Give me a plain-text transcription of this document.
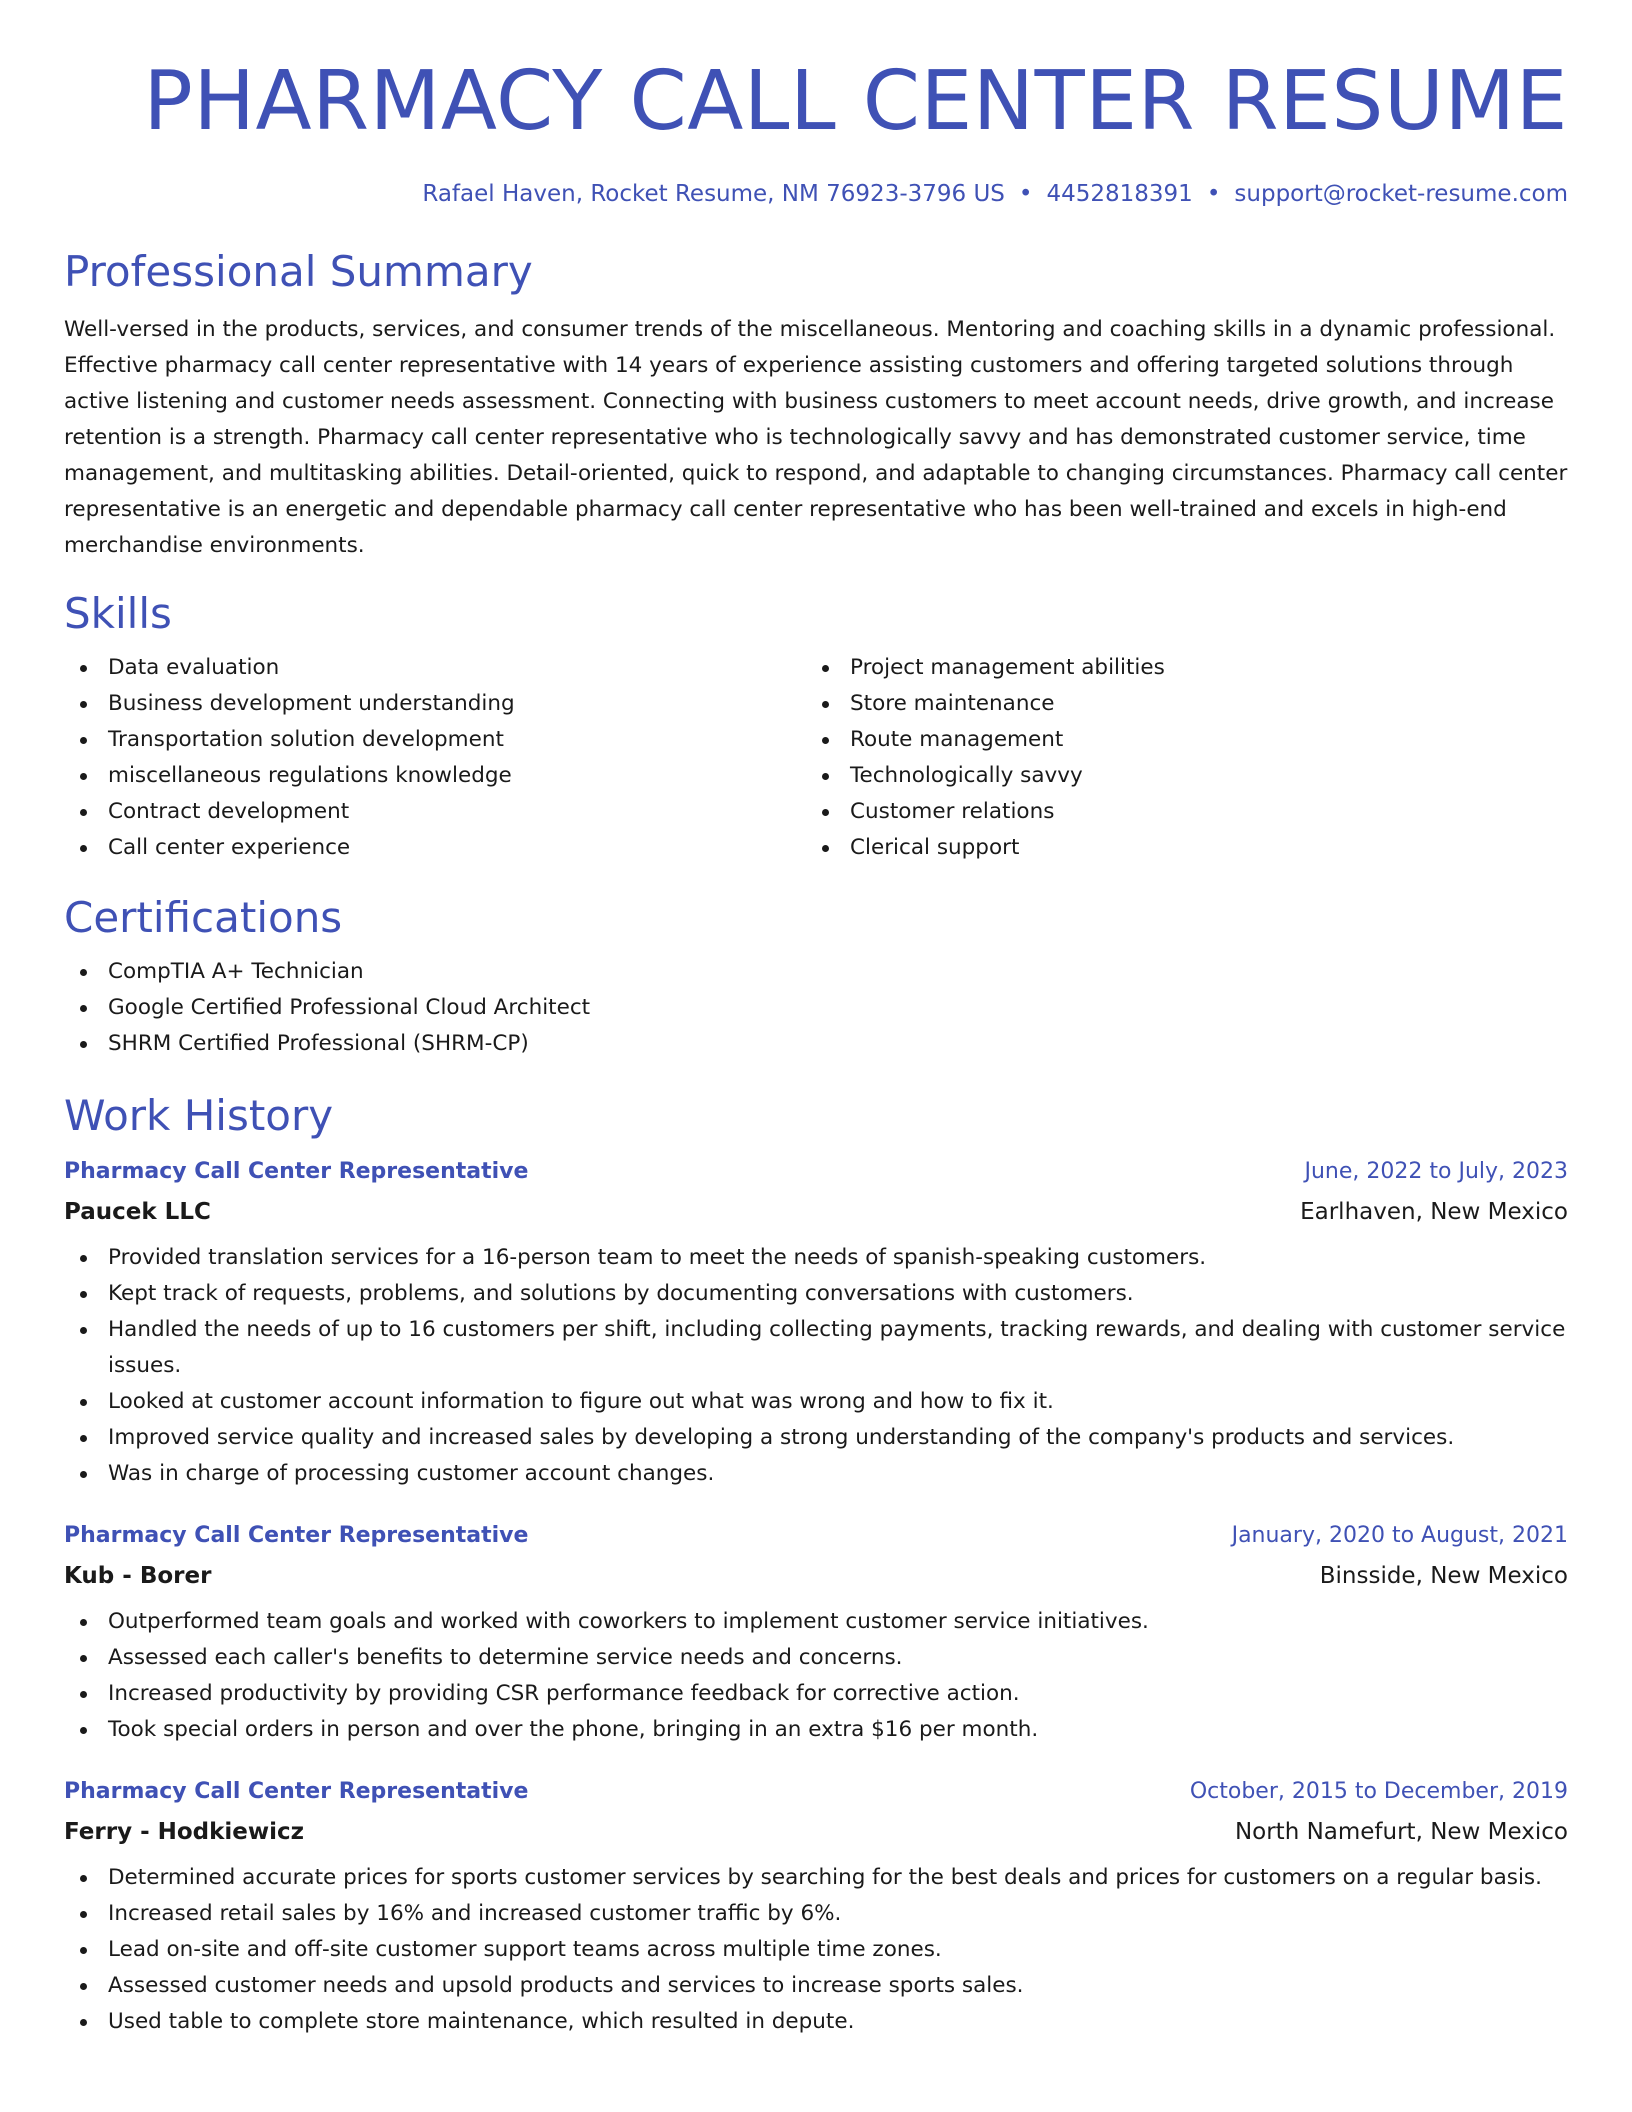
PHARMACY CALL CENTER RESUME
Rafael Haven, Rocket Resume, NM 76923-3796 US • 4452818391 • support@rocket-resume.com
Professional Summary

Well-versed in the products, services, and consumer trends of the miscellaneous. Mentoring and coaching skills in a dynamic professional. Effective pharmacy call center representative with 14 years of experience assisting customers and offering targeted solutions through active listening and customer needs assessment. Connecting with business customers to meet account needs, drive growth, and increase retention is a strength. Pharmacy call center representative who is technologically savvy and has demonstrated customer service, time management, and multitasking abilities. Detail-oriented, quick to respond, and adaptable to changing circumstances. Pharmacy call center representative is an energetic and dependable pharmacy call center representative who has been well-trained and excels in high-end merchandise environments.

Skills
Data evaluation
Business development understanding
Transportation solution development
miscellaneous regulations knowledge
Contract development
Call center experience
Project management abilities
Store maintenance
Route management
Technologically savvy
Customer relations
Clerical support
Certifications
CompTIA A+ Technician
Google Certified Professional Cloud Architect
SHRM Certified Professional (SHRM-CP)
Work History
Pharmacy Call Center Representative	June, 2022 to July, 2023
Paucek LLC	Earlhaven, New Mexico
Provided translation services for a 16-person team to meet the needs of spanish-speaking customers.
Kept track of requests, problems, and solutions by documenting conversations with customers.
Handled the needs of up to 16 customers per shift, including collecting payments, tracking rewards, and dealing with customer service issues.
Looked at customer account information to figure out what was wrong and how to fix it.
Improved service quality and increased sales by developing a strong understanding of the company's products and services.
Was in charge of processing customer account changes.
Pharmacy Call Center Representative	January, 2020 to August, 2021
Kub - Borer	Binsside, New Mexico
Outperformed team goals and worked with coworkers to implement customer service initiatives.
Assessed each caller's benefits to determine service needs and concerns.
Increased productivity by providing CSR performance feedback for corrective action.
Took special orders in person and over the phone, bringing in an extra $16 per month.
Pharmacy Call Center Representative	October, 2015 to December, 2019
Ferry - Hodkiewicz	North Namefurt, New Mexico
Determined accurate prices for sports customer services by searching for the best deals and prices for customers on a regular basis.
Increased retail sales by 16% and increased customer traffic by 6%.
Lead on-site and off-site customer support teams across multiple time zones.
Assessed customer needs and upsold products and services to increase sports sales.
Used table to complete store maintenance, which resulted in depute.
